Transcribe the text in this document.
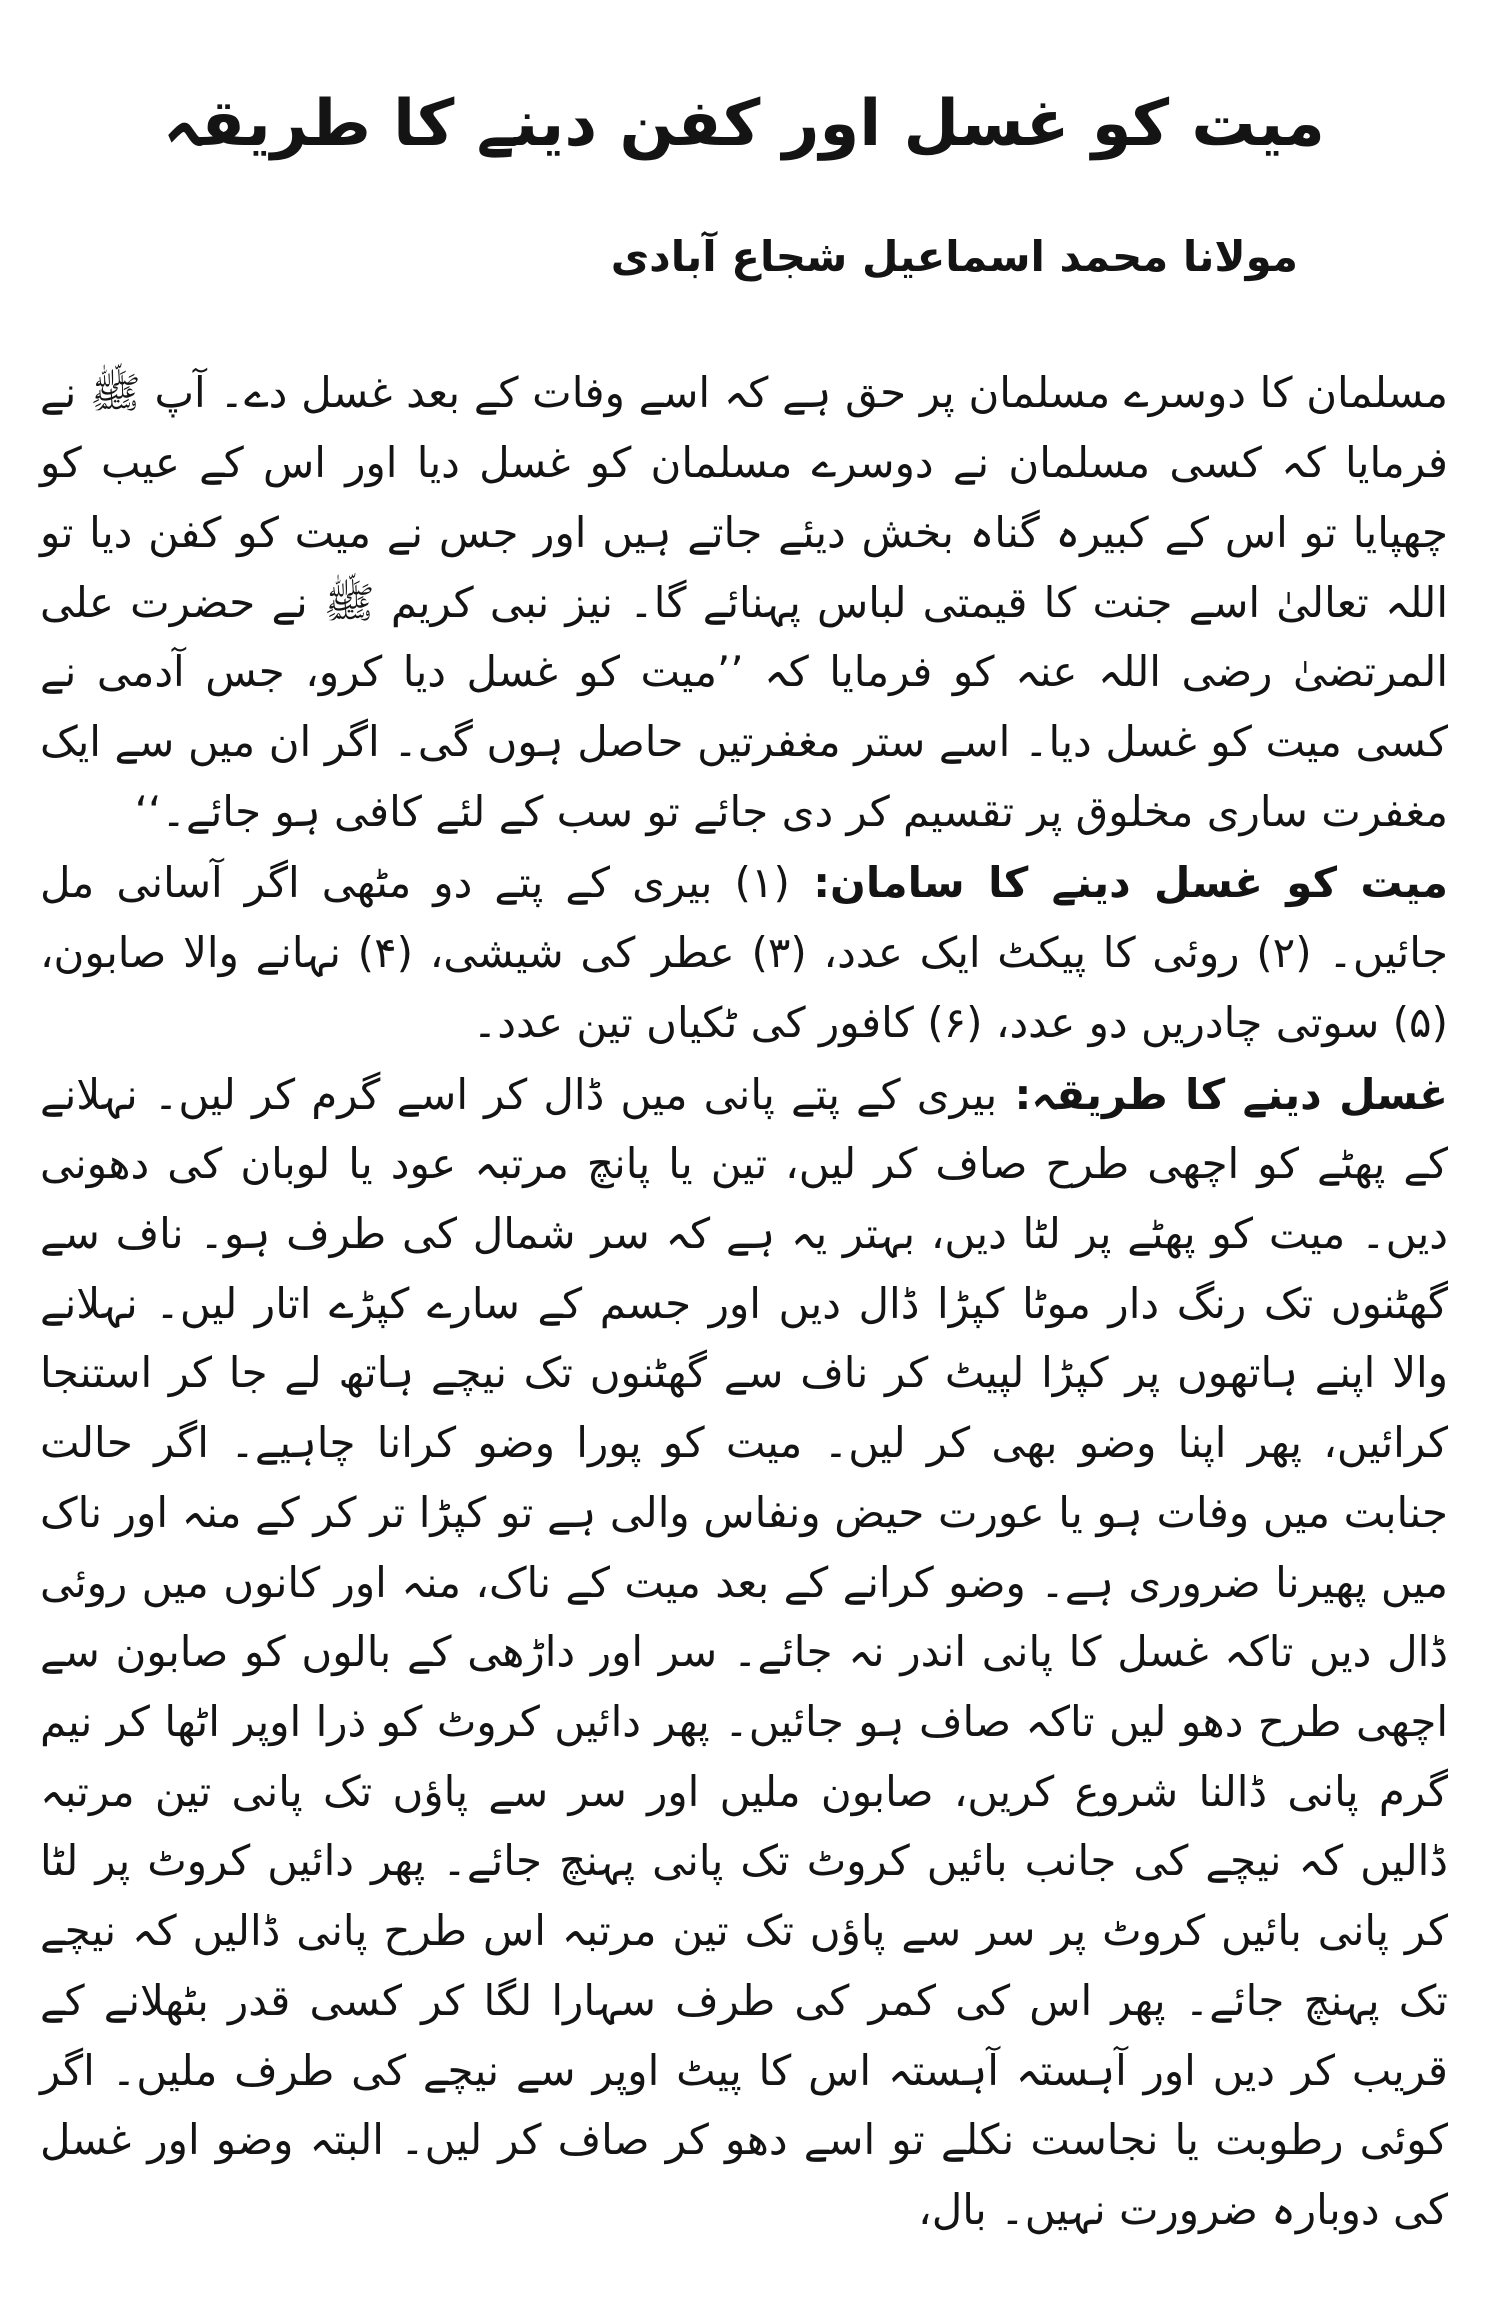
میت کو غسل اور کفن دینے کا طریقہ
مولانا محمد اسماعیل شجاع آبادی

مسلمان کا دوسرے مسلمان پر حق ہے کہ اسے وفات کے بعد غسل دے۔ آپ ﷺ نے فرمایا کہ کسی مسلمان نے دوسرے مسلمان کو غسل دیا اور اس کے عیب کو چھپایا تو اس کے کبیرہ گناہ بخش دیئے جاتے ہیں اور جس نے میت کو کفن دیا تو اللہ تعالیٰ اسے جنت کا قیمتی لباس پہنائے گا۔ نیز نبی کریم ﷺ نے حضرت علی المرتضیٰ رضی اللہ عنہ کو فرمایا کہ ’’میت کو غسل دیا کرو، جس آدمی نے کسی میت کو غسل دیا۔ اسے ستر مغفرتیں حاصل ہوں گی۔ اگر ان میں سے ایک مغفرت ساری مخلوق پر تقسیم کر دی جائے تو سب کے لئے کافی ہو جائے۔‘‘

میت کو غسل دینے کا سامان: (۱) بیری کے پتے دو مٹھی اگر آسانی مل جائیں۔ (۲) روئی کا پیکٹ ایک عدد، (۳) عطر کی شیشی، (۴) نہانے والا صابون، (۵) سوتی چادریں دو عدد، (۶) کافور کی ٹکیاں تین عدد۔

غسل دینے کا طریقہ: بیری کے پتے پانی میں ڈال کر اسے گرم کر لیں۔ نہلانے کے پھٹے کو اچھی طرح صاف کر لیں، تین یا پانچ مرتبہ عود یا لوبان کی دھونی دیں۔ میت کو پھٹے پر لٹا دیں، بہتر یہ ہے کہ سر شمال کی طرف ہو۔ ناف سے گھٹنوں تک رنگ دار موٹا کپڑا ڈال دیں اور جسم کے سارے کپڑے اتار لیں۔ نہلانے والا اپنے ہاتھوں پر کپڑا لپیٹ کر ناف سے گھٹنوں تک نیچے ہاتھ لے جا کر استنجا کرائیں، پھر اپنا وضو بھی کر لیں۔ میت کو پورا وضو کرانا چاہیے۔ اگر حالت جنابت میں وفات ہو یا عورت حیض ونفاس والی ہے تو کپڑا تر کر کے منہ اور ناک میں پھیرنا ضروری ہے۔ وضو کرانے کے بعد میت کے ناک، منہ اور کانوں میں روئی ڈال دیں تاکہ غسل کا پانی اندر نہ جائے۔ سر اور داڑھی کے بالوں کو صابون سے اچھی طرح دھو لیں تاکہ صاف ہو جائیں۔ پھر دائیں کروٹ کو ذرا اوپر اٹھا کر نیم گرم پانی ڈالنا شروع کریں، صابون ملیں اور سر سے پاؤں تک پانی تین مرتبہ ڈالیں کہ نیچے کی جانب بائیں کروٹ تک پانی پہنچ جائے۔ پھر دائیں کروٹ پر لٹا کر پانی بائیں کروٹ پر سر سے پاؤں تک تین مرتبہ اس طرح پانی ڈالیں کہ نیچے تک پہنچ جائے۔ پھر اس کی کمر کی طرف سہارا لگا کر کسی قدر بٹھلانے کے قریب کر دیں اور آہستہ آہستہ اس کا پیٹ اوپر سے نیچے کی طرف ملیں۔ اگر کوئی رطوبت یا نجاست نکلے تو اسے دھو کر صاف کر لیں۔ البتہ وضو اور غسل کی دوبارہ ضرورت نہیں۔ بال،
